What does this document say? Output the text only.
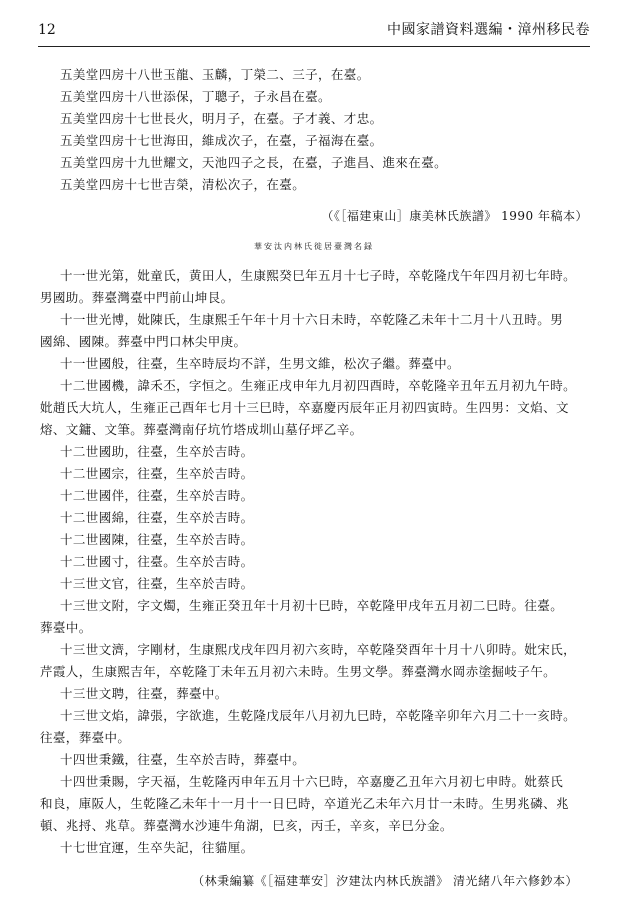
12	中國家譜資料選編・漳州移民卷
五美堂四房十八世玉龍、玉麟，丁榮二、三子，在臺。
五美堂四房十八世添保，丁聰子，子永昌在臺。
五美堂四房十七世長火，明月子，在臺。子才義、才忠。
五美堂四房十七世海田，維成次子，在臺，子福海在臺。
五美堂四房十九世耀文，天池四子之長，在臺，子進昌、進來在臺。
五美堂四房十七世吉榮，清松次子，在臺。
（《［福建東山］康美林氏族譜》 1990 年稿本）
華安汰内林氏徙居臺灣名録
十一世光第，妣童氏，黄田人，生康熙癸巳年五月十七子時，卒乾隆戊午年四月初七年時。
男國助。葬臺灣臺中門前山坤艮。
十一世光博，妣陳氏，生康熙壬午年十月十六日未時，卒乾隆乙未年十二月十八丑時。男
國綿、國陳。葬臺中門口林尖甲庚。
十一世國般，往臺，生卒時辰均不詳，生男文維，松次子繼。葬臺中。
十二世國機，諱禾丕，字恒之。生雍正戌申年九月初四酉時，卒乾隆辛丑年五月初九午時。
妣趙氏大坑人，生雍正己酉年七月十三巳時，卒嘉慶丙辰年正月初四寅時。生四男：文焰、文
熔、文鏞、文筆。葬臺灣南仔坑竹塔成圳山墓仔坪乙辛。
十二世國助，往臺，生卒於吉時。
十二世國宗，往臺，生卒於吉時。
十二世國伴，往臺，生卒於吉時。
十二世國綿，往臺，生卒於吉時。
十二世國陳，往臺，生卒於吉時。
十二世國寸，往臺。生卒於吉時。
十三世文官，往臺，生卒於吉時。
十三世文附，字文燭，生雍正癸丑年十月初十巳時，卒乾隆甲戌年五月初二巳時。往臺。
葬臺中。
十三世文濟，字剛材，生康熙戊戌年四月初六亥時，卒乾隆癸酉年十月十八卯時。妣宋氏，
芹霞人，生康熙吉年，卒乾隆丁未年五月初六未時。生男文學。葬臺灣水岡赤塗掘岐子午。
十三世文聘，往臺，葬臺中。
十三世文焰，諱張，字欲進，生乾隆戊辰年八月初九巳時，卒乾隆辛卯年六月二十一亥時。
往臺，葬臺中。
十四世秉鐵，往臺，生卒於吉時，葬臺中。
十四世秉賜，字天福，生乾隆丙申年五月十六巳時，卒嘉慶乙丑年六月初七申時。妣蔡氏
和良，庫阪人，生乾隆乙未年十一月十一日巳時，卒道光乙未年六月廿一未時。生男兆磷、兆
頓、兆捋、兆草。葬臺灣水沙連牛角湖，巳亥，丙壬，辛亥，辛巳分金。
十七世宜運，生卒失記，往貓厘。
（林秉編纂《［福建華安］汐建汰内林氏族譜》 清光緒八年六修鈔本）
